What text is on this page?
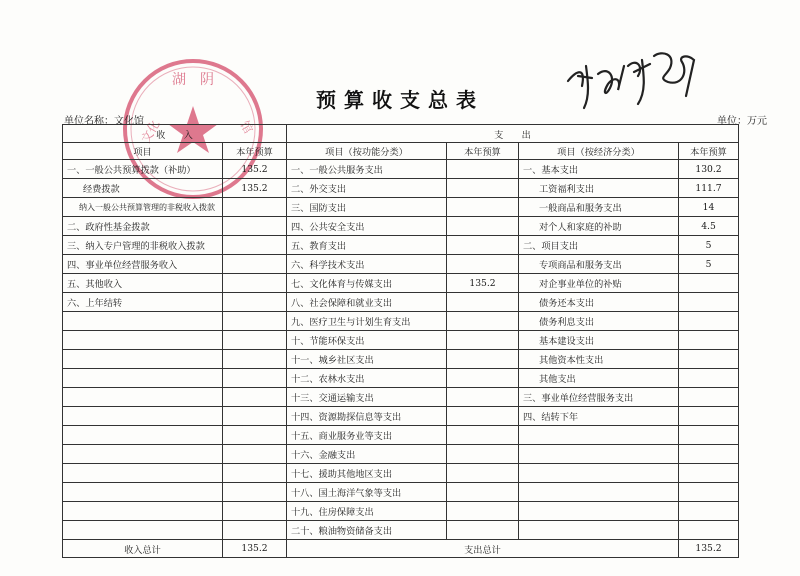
湖　阴
文化	馆
预算收支总表
单位名称：文化馆	单位：万元
收　　入		支　　出			
项目	本年预算	项目（按功能分类）	本年预算	项目（按经济分类）	本年预算
一、一般公共预算拨款（补助）	135.2	一、一般公共服务支出		一、基本支出	130.2
经费拨款	135.2	二、外交支出		工资福利支出	111.7
纳入一般公共预算管理的非税收入拨款		三、国防支出		一般商品和服务支出	14
二、政府性基金拨款		四、公共安全支出		对个人和家庭的补助	4.5
三、纳入专户管理的非税收入拨款		五、教育支出		二、项目支出	5
四、事业单位经营服务收入		六、科学技术支出		专项商品和服务支出	5
五、其他收入		七、文化体育与传媒支出	135.2	对企事业单位的补贴	
六、上年结转		八、社会保障和就业支出		债务还本支出	
		九、医疗卫生与计划生育支出		债务利息支出	
		十、节能环保支出		基本建设支出	
		十一、城乡社区支出		其他资本性支出	
		十二、农林水支出		其他支出	
		十三、交通运输支出		三、事业单位经营服务支出	
		十四、资源勘探信息等支出		四、结转下年	
		十五、商业服务业等支出			
		十六、金融支出			
		十七、援助其他地区支出			
		十八、国土海洋气象等支出			
		十九、住房保障支出			
		二十、粮油物资储备支出			
收入总计	135.2	支出总计			135.2
